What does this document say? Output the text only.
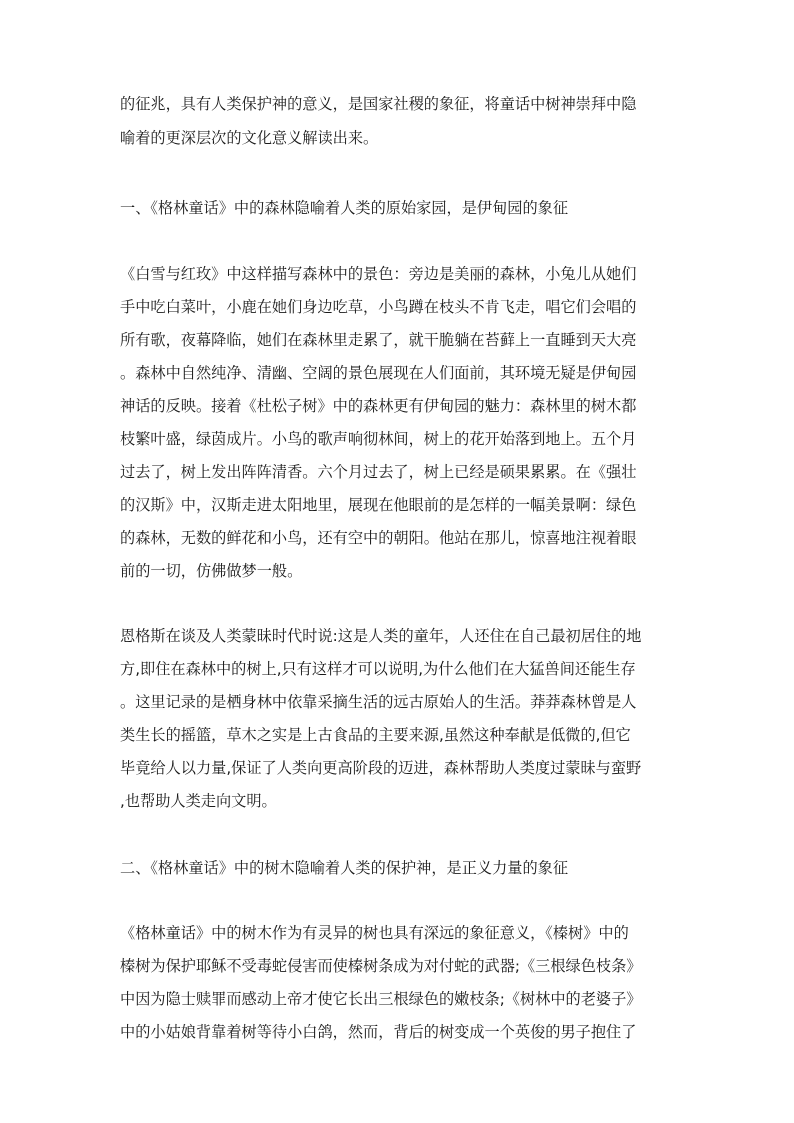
的征兆，具有人类保护神的意义，是国家社稷的象征，将童话中树神崇拜中隐
喻着的更深层次的文化意义解读出来。
一、《格林童话》中的森林隐喻着人类的原始家园，是伊甸园的象征
《白雪与红玫》中这样描写森林中的景色：旁边是美丽的森林，小兔儿从她们
手中吃白菜叶，小鹿在她们身边吃草，小鸟蹲在枝头不肯飞走，唱它们会唱的
所有歌，夜幕降临，她们在森林里走累了，就干脆躺在苔藓上一直睡到天大亮
。森林中自然纯净、清幽、空阔的景色展现在人们面前，其环境无疑是伊甸园
神话的反映。接着《杜松子树》中的森林更有伊甸园的魅力：森林里的树木都
枝繁叶盛，绿茵成片。小鸟的歌声响彻林间，树上的花开始落到地上。五个月
过去了，树上发出阵阵清香。六个月过去了，树上已经是硕果累累。在《强壮
的汉斯》中，汉斯走进太阳地里，展现在他眼前的是怎样的一幅美景啊：绿色
的森林，无数的鲜花和小鸟，还有空中的朝阳。他站在那儿，惊喜地注视着眼
前的一切，仿佛做梦一般。
恩格斯在谈及人类蒙昧时代时说:这是人类的童年，人还住在自己最初居住的地
方,即住在森林中的树上,只有这样才可以说明,为什么他们在大猛兽间还能生存
。这里记录的是栖身林中依靠采摘生活的远古原始人的生活。莽莽森林曾是人
类生长的摇篮，草木之实是上古食品的主要来源,虽然这种奉献是低微的,但它
毕竟给人以力量,保证了人类向更高阶段的迈进，森林帮助人类度过蒙昧与蛮野
,也帮助人类走向文明。
二、《格林童话》中的树木隐喻着人类的保护神，是正义力量的象征
《格林童话》中的树木作为有灵异的树也具有深远的象征意义，《榛树》中的
榛树为保护耶稣不受毒蛇侵害而使榛树条成为对付蛇的武器;《三根绿色枝条》
中因为隐士赎罪而感动上帝才使它长出三根绿色的嫩枝条;《树林中的老婆子》
中的小姑娘背靠着树等待小白鸽，然而，背后的树变成一个英俊的男子抱住了
